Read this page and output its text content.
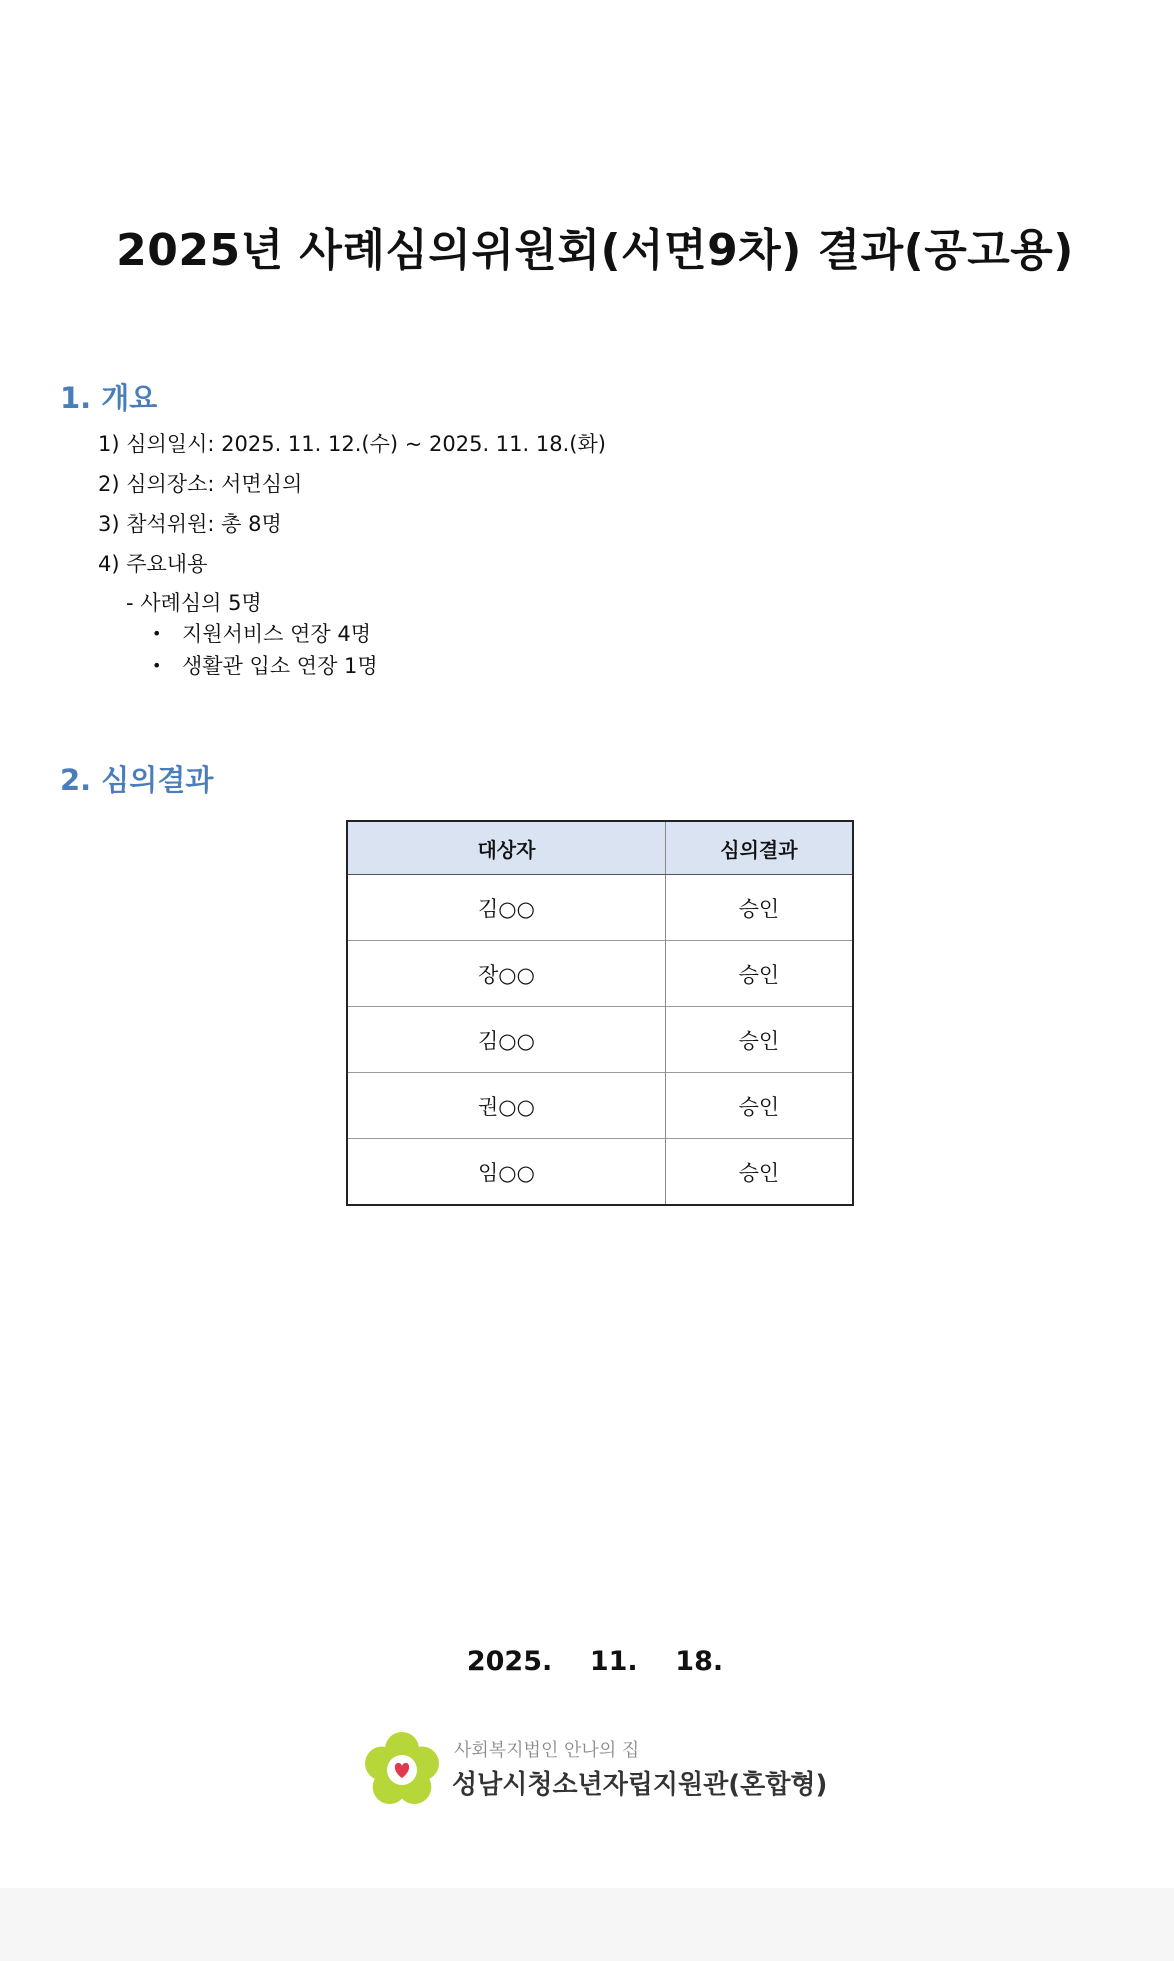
2025년 사례심의위원회(서면9차) 결과(공고용)
1. 개요
1) 심의일시: 2025. 11. 12.(수) ~ 2025. 11. 18.(화)
2) 심의장소: 서면심의
3) 참석위원: 총 8명
4) 주요내용
- 사례심의 5명
• 지원서비스 연장 4명
• 생활관 입소 연장 1명
2. 심의결과
대상자	심의결과
김○○	승인
장○○	승인
김○○	승인
권○○	승인
임○○	승인
2025.    11.    18.
사회복지법인 안나의 집
성남시청소년자립지원관(혼합형)
